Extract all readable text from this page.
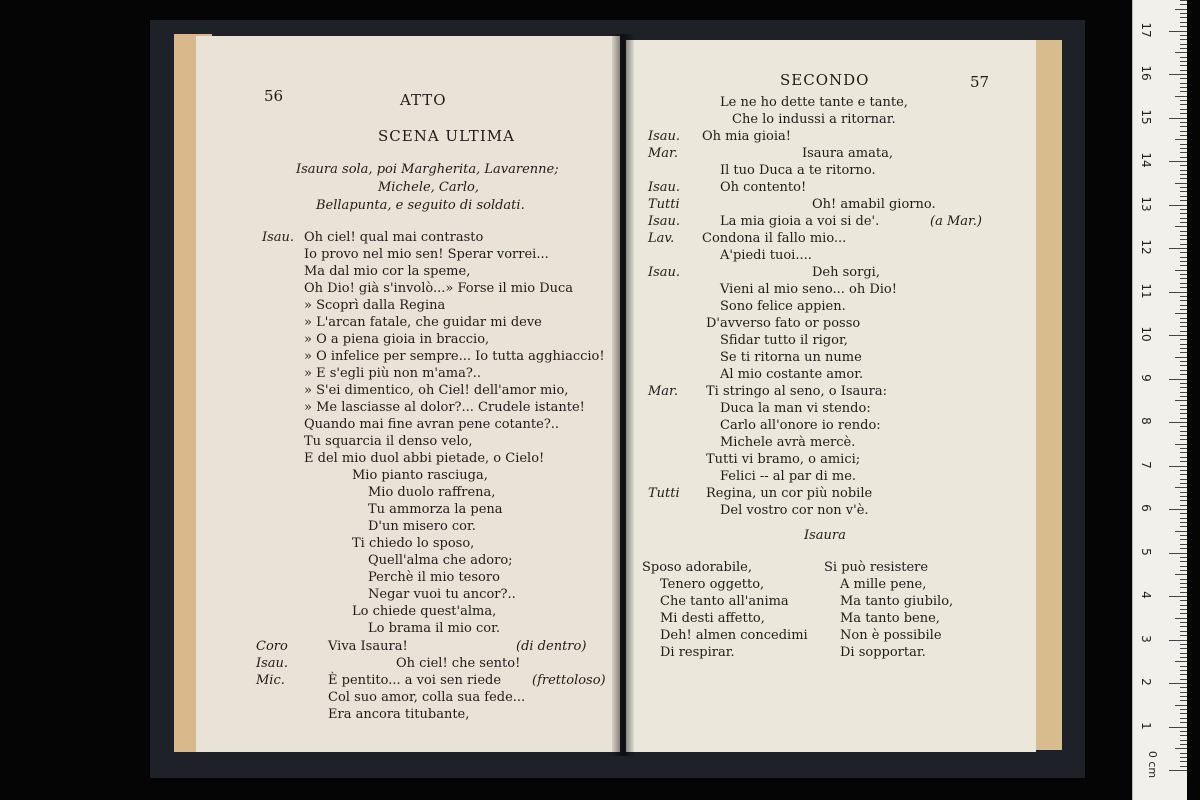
56	ATTO
SCENA ULTIMA
Isaura sola, poi Margherita, Lavarenne;
Michele, Carlo,
Bellapunta, e seguito di soldati.
Isau. Oh ciel! qual mai contrasto
Io provo nel mio sen! Sperar vorrei...
Ma dal mio cor la speme,
Oh Dio! già s'involò...» Forse il mio Duca
» Scoprì dalla Regina
» L'arcan fatale, che guidar mi deve
» O a piena gioia in braccio,
» O infelice per sempre... Io tutta agghiaccio!
» E s'egli più non m'ama?..
» S'ei dimentico, oh Ciel! dell'amor mio,
» Me lasciasse al dolor?... Crudele istante!
Quando mai fine avran pene cotante?..
Tu squarcia il denso velo,
E del mio duol abbi pietade, o Cielo!
Mio pianto rasciuga,
Mio duolo raffrena,
Tu ammorza la pena
D'un misero cor.
Ti chiedo lo sposo,
Quell'alma che adoro;
Perchè il mio tesoro
Negar vuoi tu ancor?..
Lo chiede quest'alma,
Lo brama il mio cor.
Coro	Viva Isaura!	(di dentro)
Isau.	Oh ciel! che sento!
Mic.	È pentito... a voi sen riede (frettoloso)
Col suo amor, colla sua fede...
Era ancora titubante,
SECONDO	57
Le ne ho dette tante e tante,
Che lo indussi a ritornar.
Isau. Oh mia gioia!
Mar.	Isaura amata,
Il tuo Duca a te ritorno.
Isau.	Oh contento!
Tutti	Oh! amabil giorno.
Isau.	La mia gioia a voi si de'.	(a Mar.)
Lav. Condona il fallo mio...
A'piedi tuoi....
Isau.	Deh sorgi,
Vieni al mio seno... oh Dio!
Sono felice appien.
D'avverso fato or posso
Sfidar tutto il rigor,
Se ti ritorna un nume
Al mio costante amor.
Mar. Ti stringo al seno, o Isaura:
Duca la man vi stendo:
Carlo all'onore io rendo:
Michele avrà mercè.
Tutti vi bramo, o amici;
Felici -- al par di me.
Tutti Regina, un cor più nobile
Del vostro cor non v'è.
Isaura
Sposo adorabile,
Tenero oggetto,
Che tanto all'anima
Mi desti affetto,
Deh! almen concedimi
Di respirar.
Si può resistere
A mille pene,
Ma tanto giubilo,
Ma tanto bene,
Non è possibile
Di sopportar.
0 cm
1
2
3
4
5
6
7
8
9
10
11
12
13
14
15
16
17
